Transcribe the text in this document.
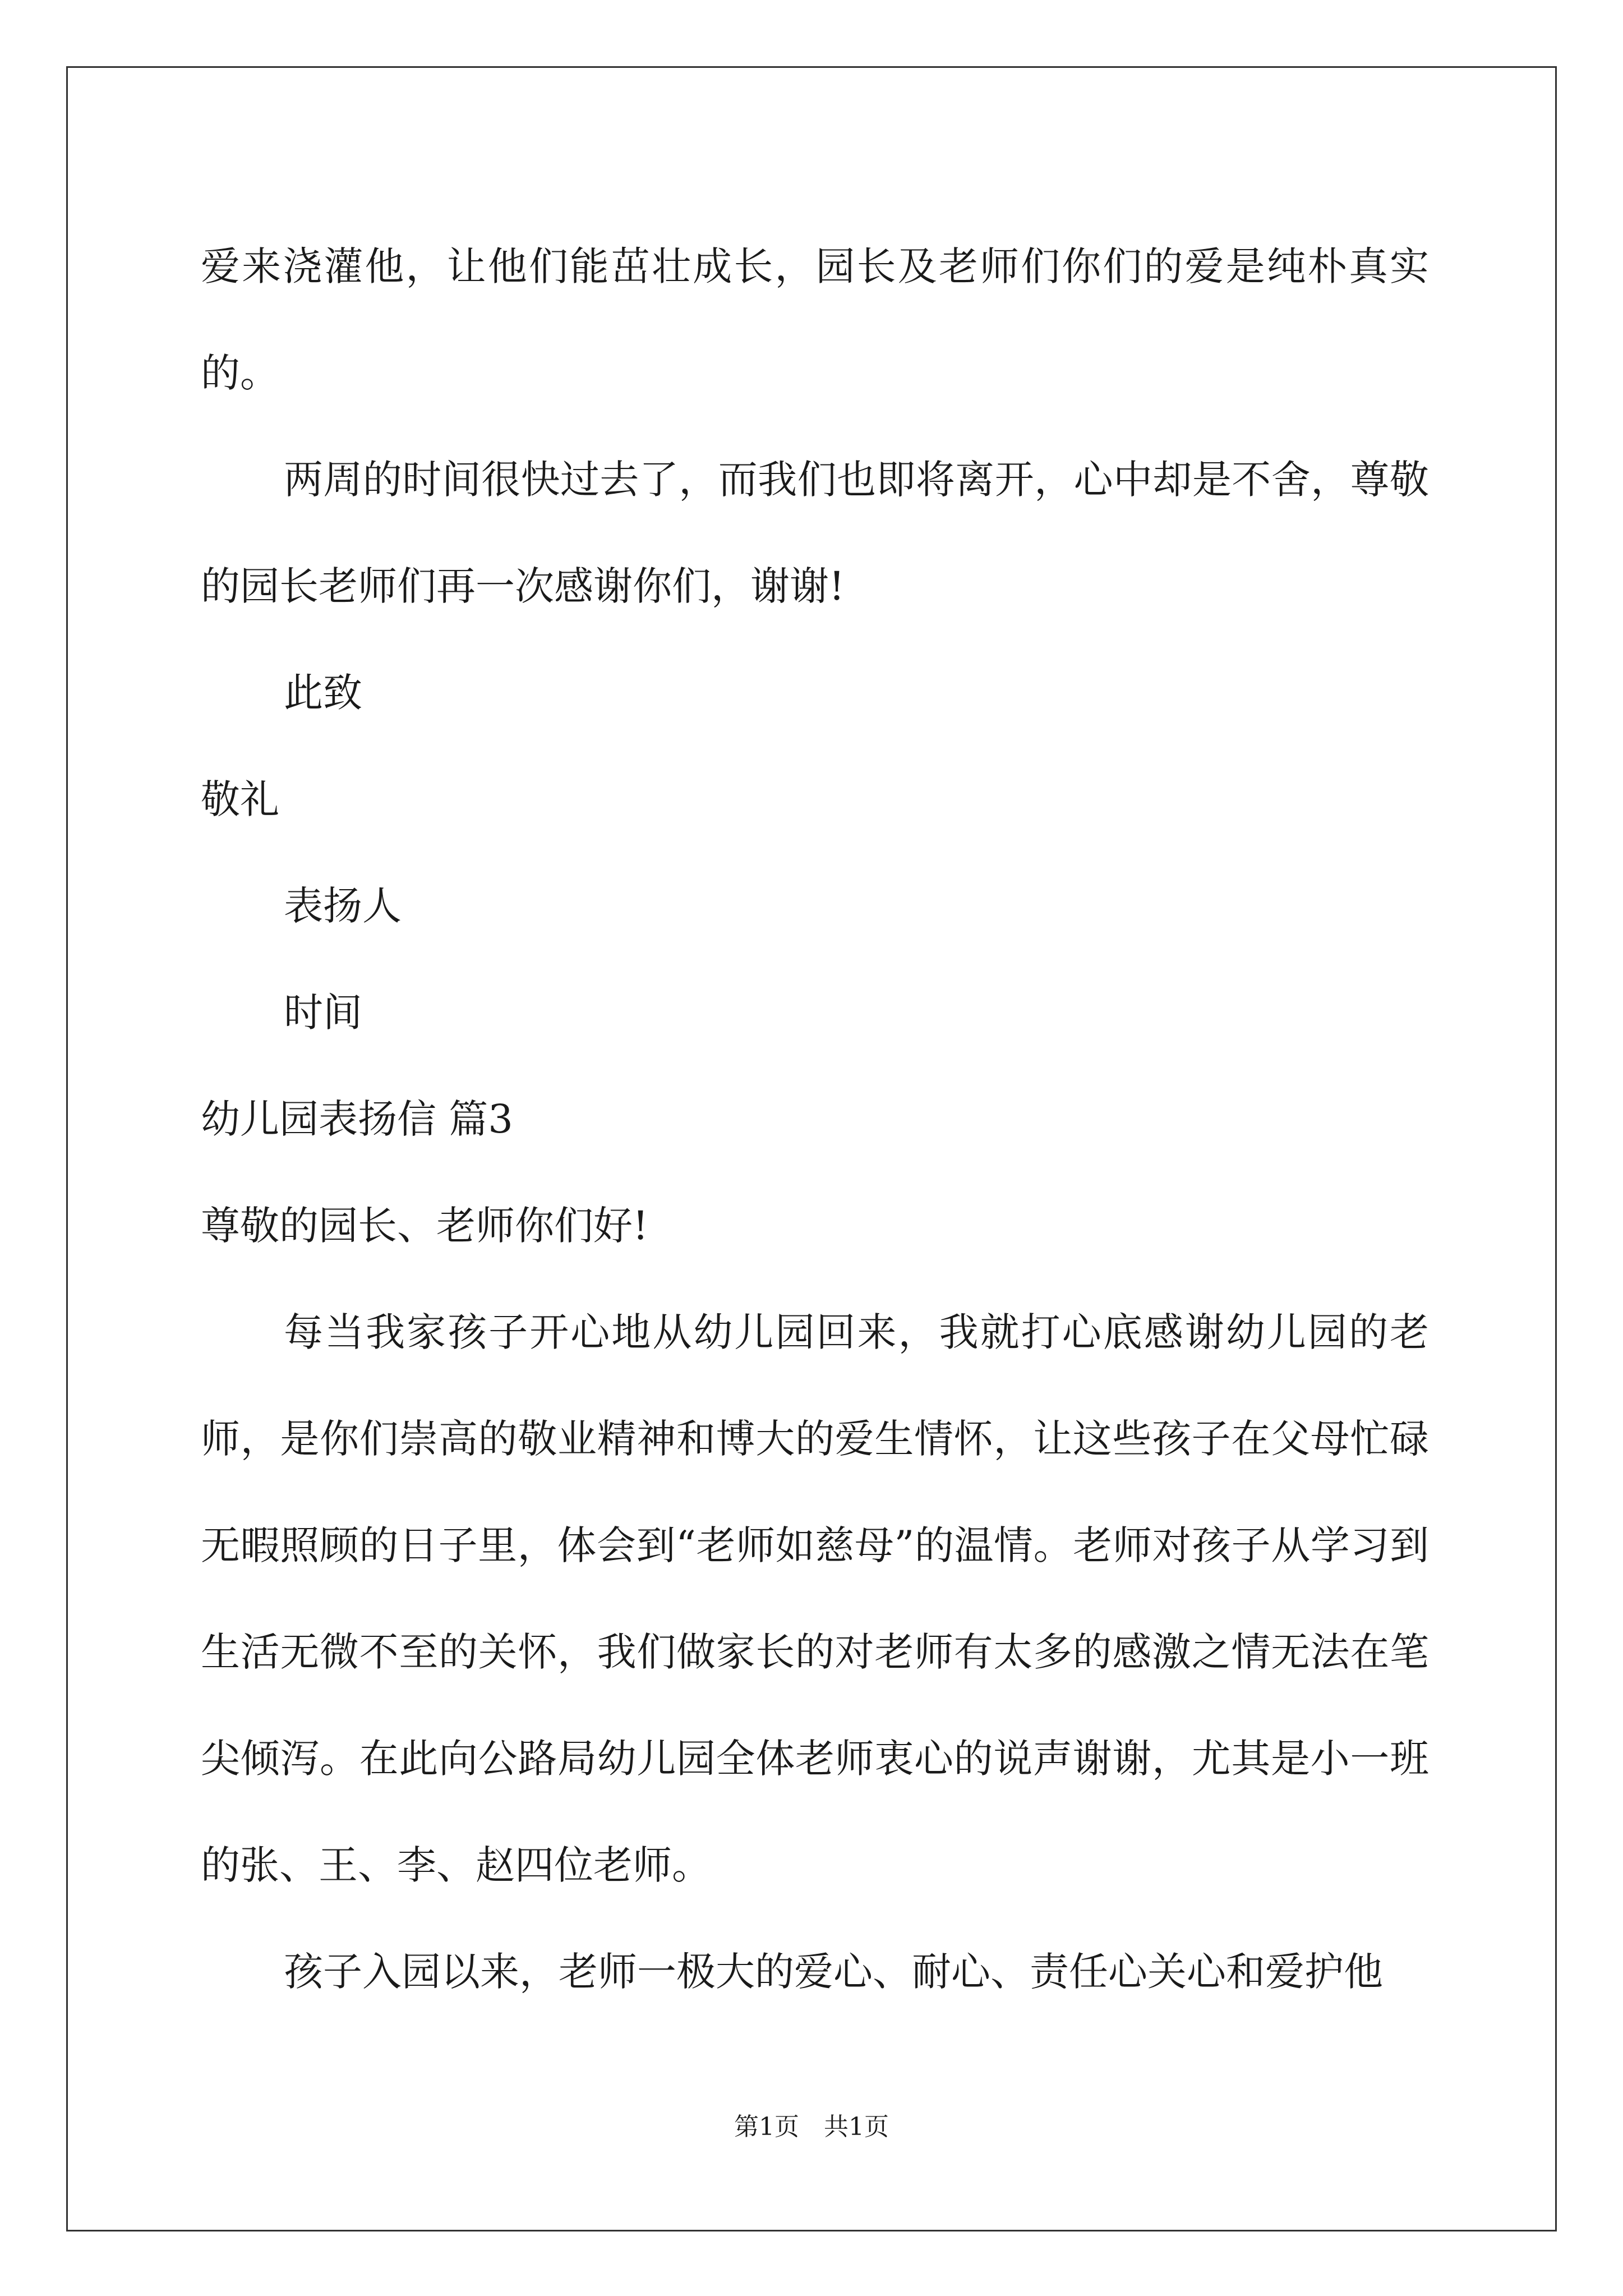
爱来浇灌他，让他们能茁壮成长，园长及老师们你们的爱是纯朴真实的。

两周的时间很快过去了，而我们也即将离开，心中却是不舍，尊敬的园长老师们再一次感谢你们，谢谢!

此致

敬礼

表扬人

时间

幼儿园表扬信 篇3

尊敬的园长、老师你们好!

每当我家孩子开心地从幼儿园回来，我就打心底感谢幼儿园的老师，是你们崇高的敬业精神和博大的爱生情怀，让这些孩子在父母忙碌无暇照顾的日子里，体会到“老师如慈母”的温情。老师对孩子从学习到生活无微不至的关怀，我们做家长的对老师有太多的感激之情无法在笔尖倾泻。在此向公路局幼儿园全体老师衷心的说声谢谢，尤其是小一班的张、王、李、赵四位老师。

孩子入园以来，老师一极大的爱心、耐心、责任心关心和爱护他

第1页　共1页
